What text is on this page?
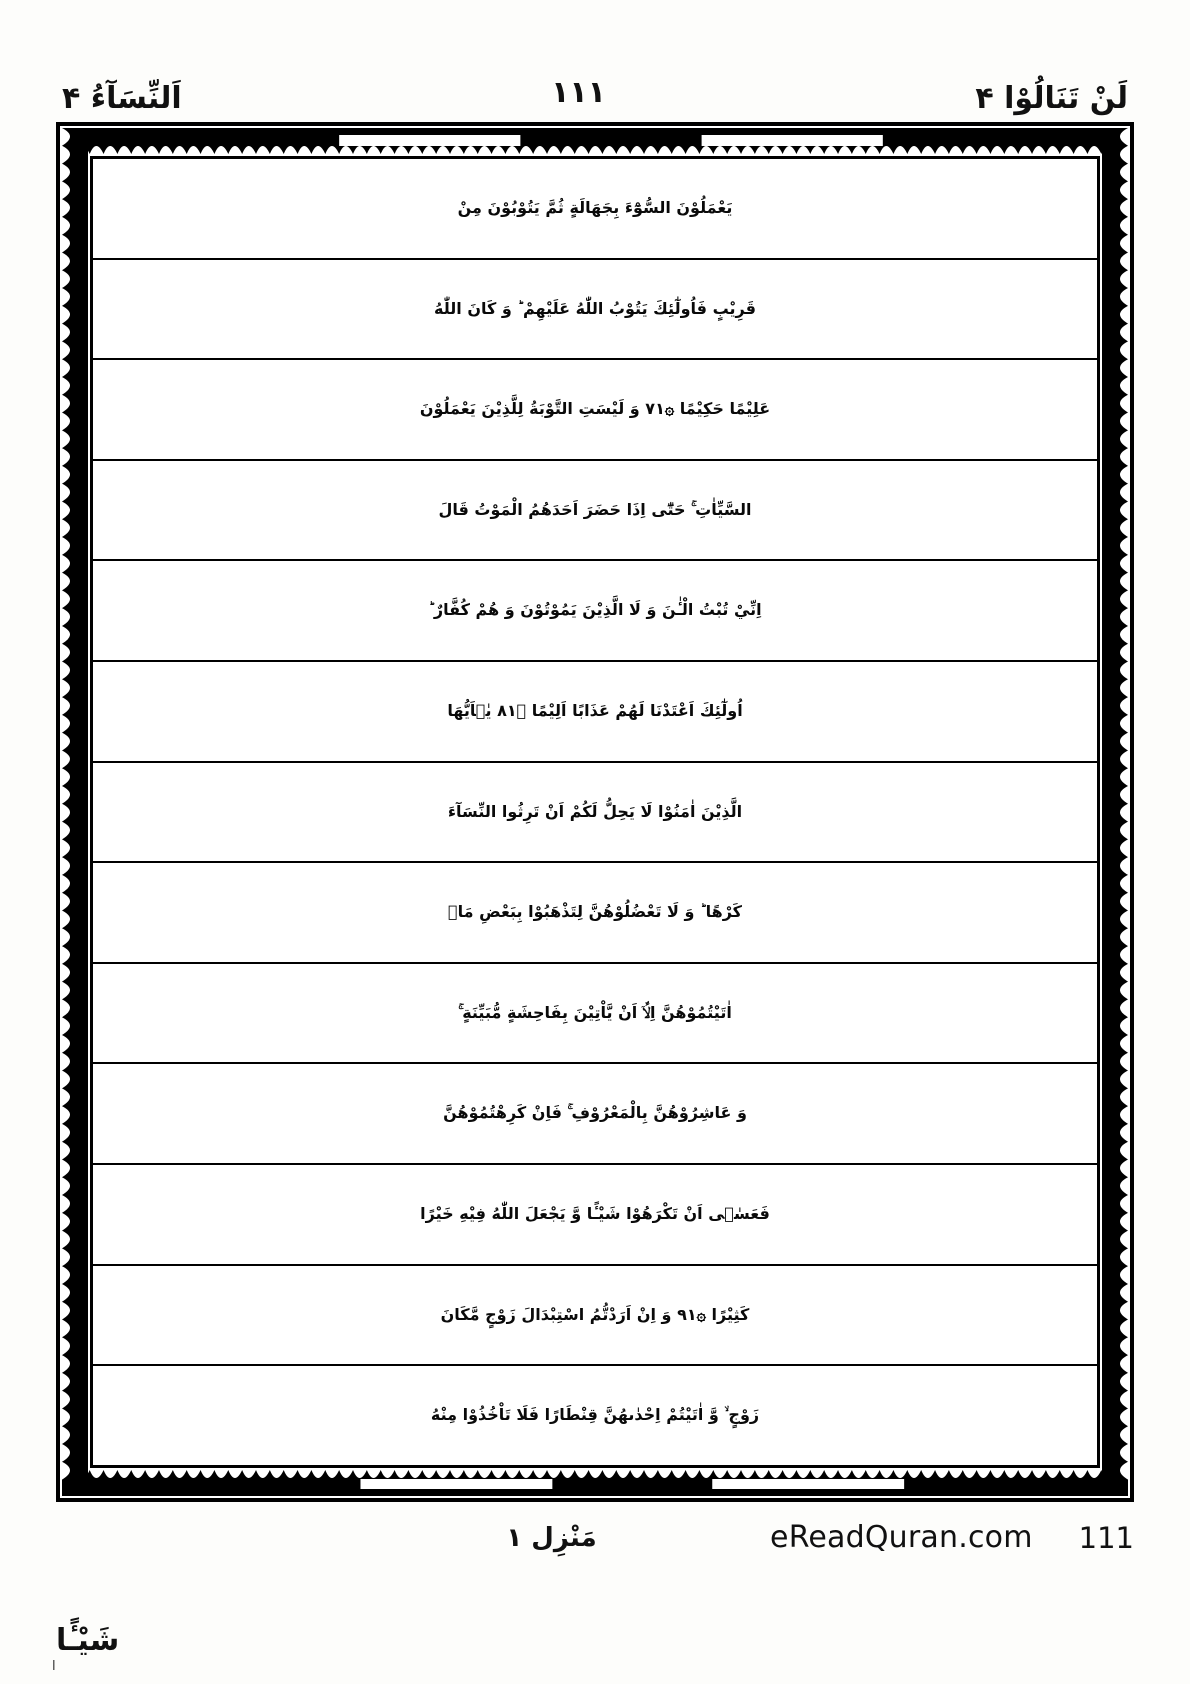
اَلنِّسَآءُ ۴	١١١	لَنْ تَنَالُوْا ۴
يَعْمَلُوْنَ السُّوْٓءَ بِجَهَالَةٍ ثُمَّ يَتُوْبُوْنَ مِنْ
قَرِيْبٍ فَاُولٰٓئِكَ يَتُوْبُ اللّٰهُ عَلَيْهِمْ ؕ وَ كَانَ اللّٰهُ
عَلِيْمًا حَكِيْمًا ۞١٧ وَ لَيْسَتِ التَّوْبَةُ لِلَّذِيْنَ يَعْمَلُوْنَ
السَّيِّاٰتِ ۚ حَتّٰٓى اِذَا حَضَرَ اَحَدَهُمُ الْمَوْتُ قَالَ
اِنِّيْ تُبْتُ الْـٰٔنَ وَ لَا الَّذِيْنَ يَمُوْتُوْنَ وَ هُمْ كُفَّارٌ ؕ
اُولٰٓئِكَ اَعْتَدْنَا لَهُمْ عَذَابًا اَلِيْمًا ۞١٨ يٰۤاَيُّهَا
الَّذِيْنَ اٰمَنُوْا لَا يَحِلُّ لَكُمْ اَنْ تَرِثُوا النِّسَآءَ
كَرْهًا ؕ وَ لَا تَعْضُلُوْهُنَّ لِتَذْهَبُوْا بِبَعْضِ مَاۤ
اٰتَيْتُمُوْهُنَّ اِلَّاۤ اَنْ يَّاْتِيْنَ بِفَاحِشَةٍ مُّبَيِّنَةٍ ۚ
وَ عَاشِرُوْهُنَّ بِالْمَعْرُوْفِ ۚ فَاِنْ كَرِهْتُمُوْهُنَّ
فَعَسٰۤى اَنْ تَكْرَهُوْا شَيْـًٔا وَّ يَجْعَلَ اللّٰهُ فِيْهِ خَيْرًا
كَثِيْرًا ۞١٩ وَ اِنْ اَرَدْتُّمُ اسْتِبْدَالَ زَوْجٍ مَّكَانَ
زَوْجٍ ۙ وَّ اٰتَيْتُمْ اِحْدٰىهُنَّ قِنْطَارًا فَلَا تَاْخُذُوْا مِنْهُ
مَنْزِل ١	eReadQuran.com 111
شَيْـًٔا
ا
